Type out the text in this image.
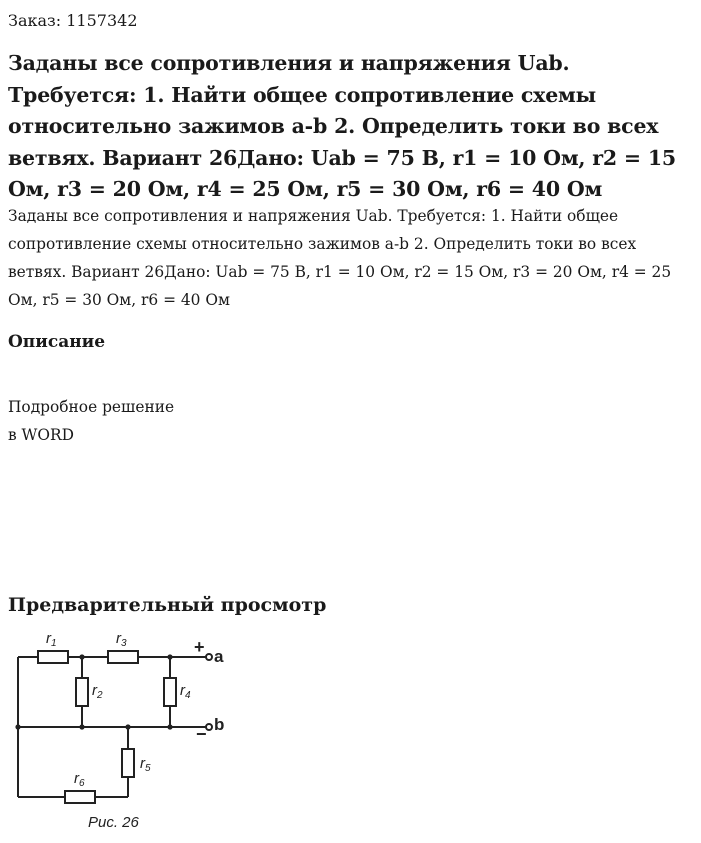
Заказ: 1157342
Заданы все сопротивления и напряжения Uab. Требуется: 1. Найти общее сопротивление схемы относительно зажимов a-b 2. Определить токи во всех ветвях. Вариант 26Дано: Uab = 75 В, r1 = 10 Ом, r2 = 15 Ом, r3 = 20 Ом, r4 = 25 Ом, r5 = 30 Ом, r6 = 40 Ом

Заданы все сопротивления и напряжения Uab. Требуется: 1. Найти общее сопротивление схемы относительно зажимов a-b 2. Определить токи во всех ветвях. Вариант 26Дано: Uab = 75 В, r1 = 10 Ом, r2 = 15 Ом, r3 = 20 Ом, r4 = 25 Ом, r5 = 30 Ом, r6 = 40 Ом

Описание
Подробное решение
в WORD
Предварительный просмотр
$r_1$	$r_3$
$r_2$	$r_4$
$r_5$
$r_6$
Рис. 26
+ a
− b
